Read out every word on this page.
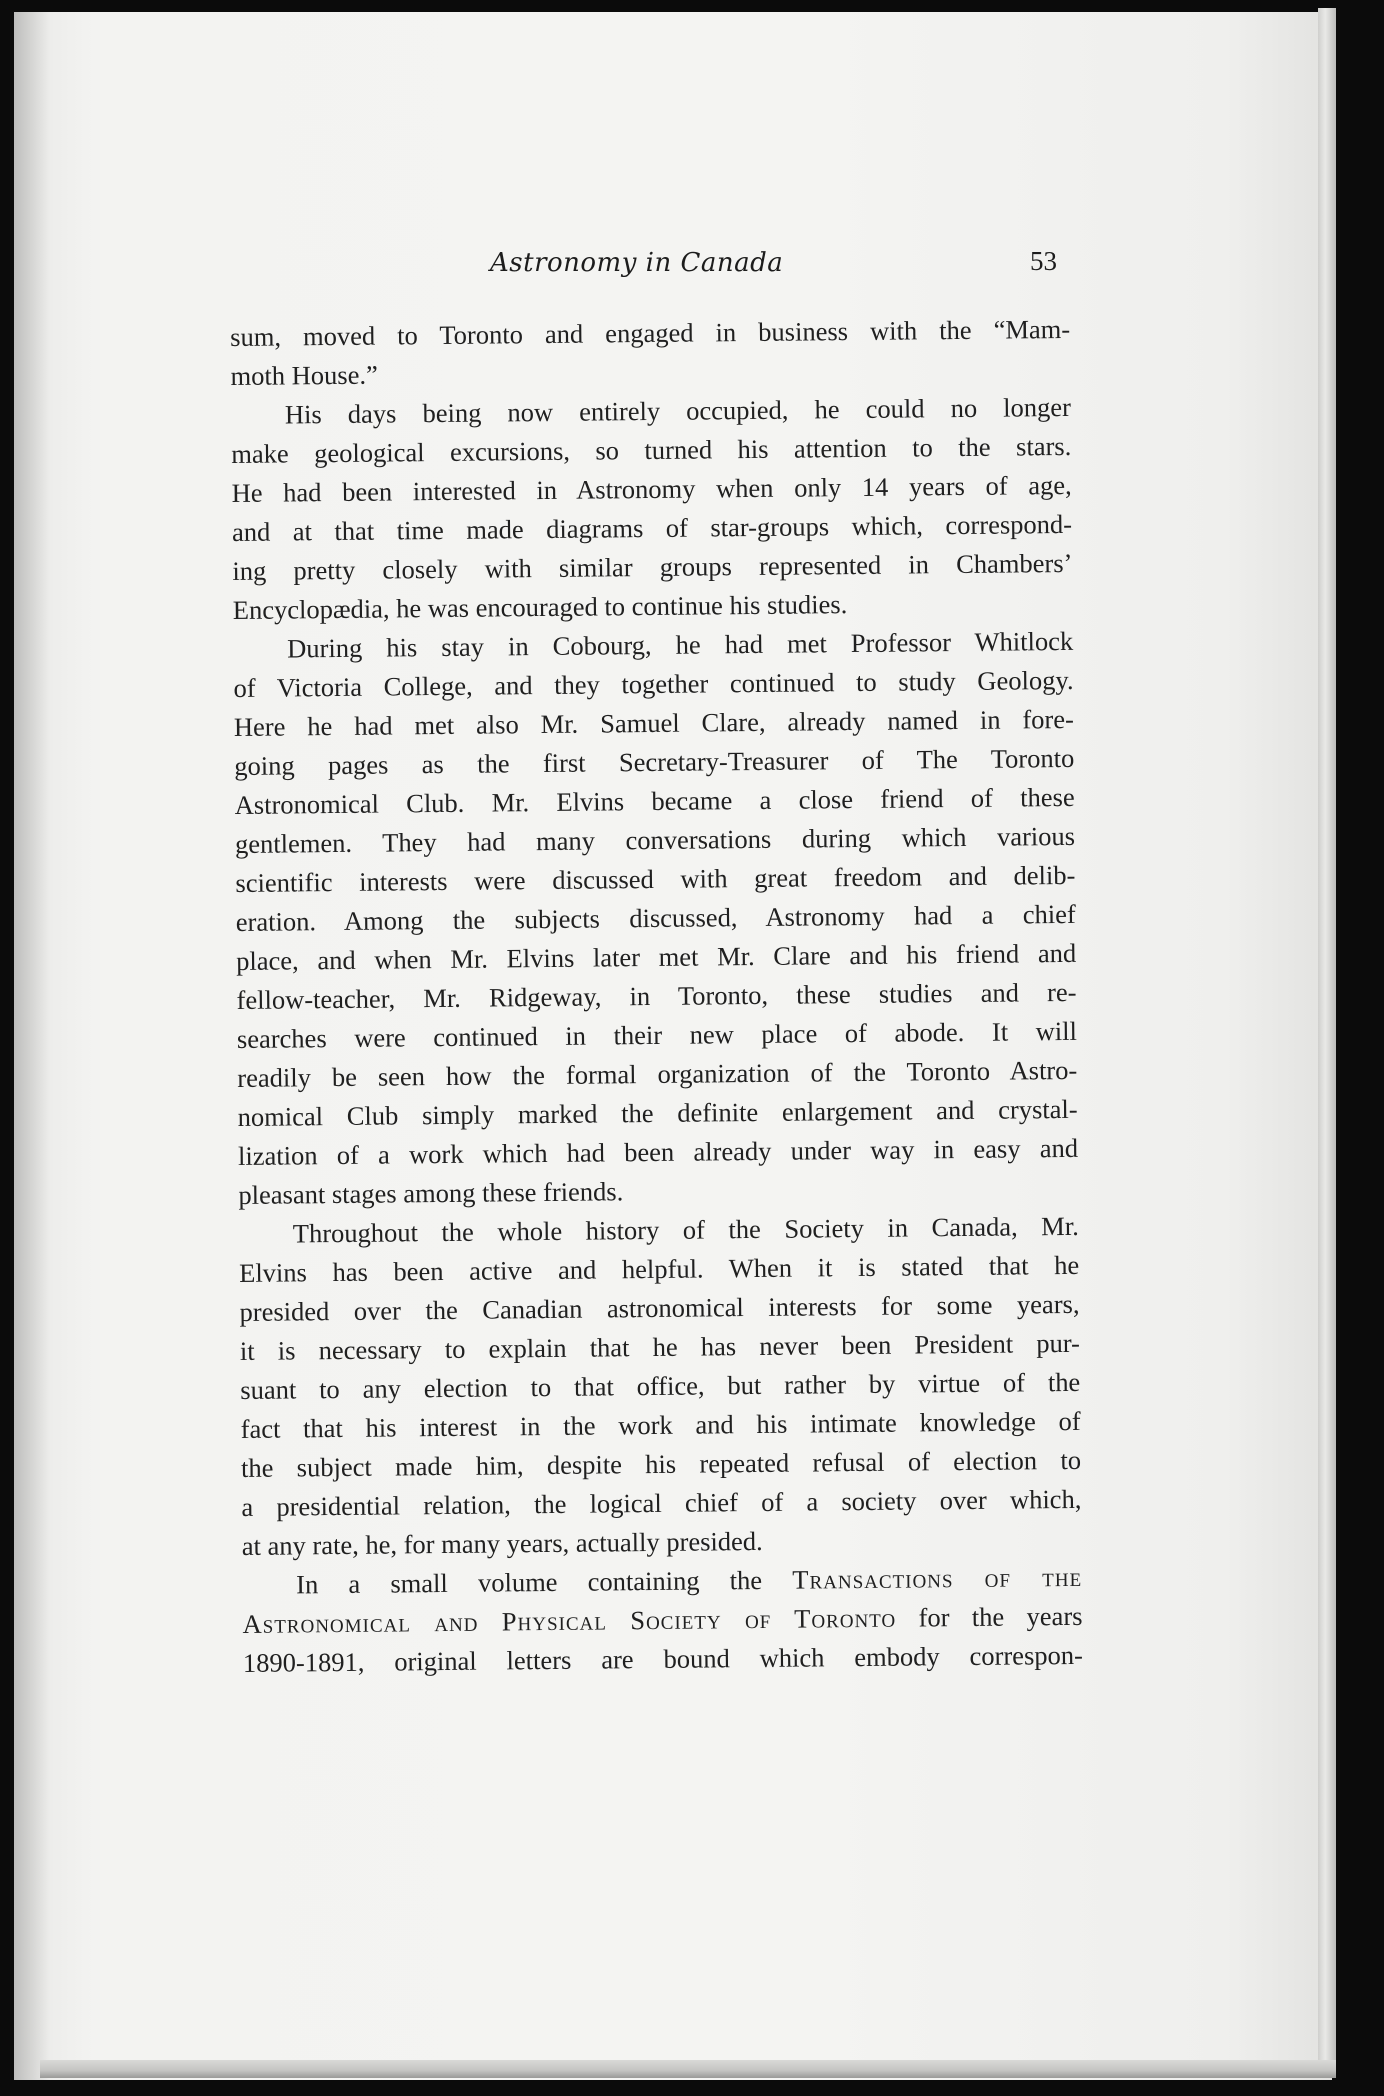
Astronomy in Canada	53
sum, moved to Toronto and engaged in business with the “Mam-
moth House.”
His days being now entirely occupied, he could no longer
make geological excursions, so turned his attention to the stars.
He had been interested in Astronomy when only 14 years of age,
and at that time made diagrams of star-groups which, correspond-
ing pretty closely with similar groups represented in Chambers’
Encyclopædia, he was encouraged to continue his studies.
During his stay in Cobourg, he had met Professor Whitlock
of Victoria College, and they together continued to study Geology.
Here he had met also Mr. Samuel Clare, already named in fore-
going pages as the first Secretary-Treasurer of The Toronto
Astronomical Club. Mr. Elvins became a close friend of these
gentlemen. They had many conversations during which various
scientific interests were discussed with great freedom and delib-
eration. Among the subjects discussed, Astronomy had a chief
place, and when Mr. Elvins later met Mr. Clare and his friend and
fellow-teacher, Mr. Ridgeway, in Toronto, these studies and re-
searches were continued in their new place of abode. It will
readily be seen how the formal organization of the Toronto Astro-
nomical Club simply marked the definite enlargement and crystal-
lization of a work which had been already under way in easy and
pleasant stages among these friends.
Throughout the whole history of the Society in Canada, Mr.
Elvins has been active and helpful. When it is stated that he
presided over the Canadian astronomical interests for some years,
it is necessary to explain that he has never been President pur-
suant to any election to that office, but rather by virtue of the
fact that his interest in the work and his intimate knowledge of
the subject made him, despite his repeated refusal of election to
a presidential relation, the logical chief of a society over which,
at any rate, he, for many years, actually presided.
In a small volume containing the Transactions of the
Astronomical and Physical Society of Toronto for the years
1890-1891, original letters are bound which embody correspon-
